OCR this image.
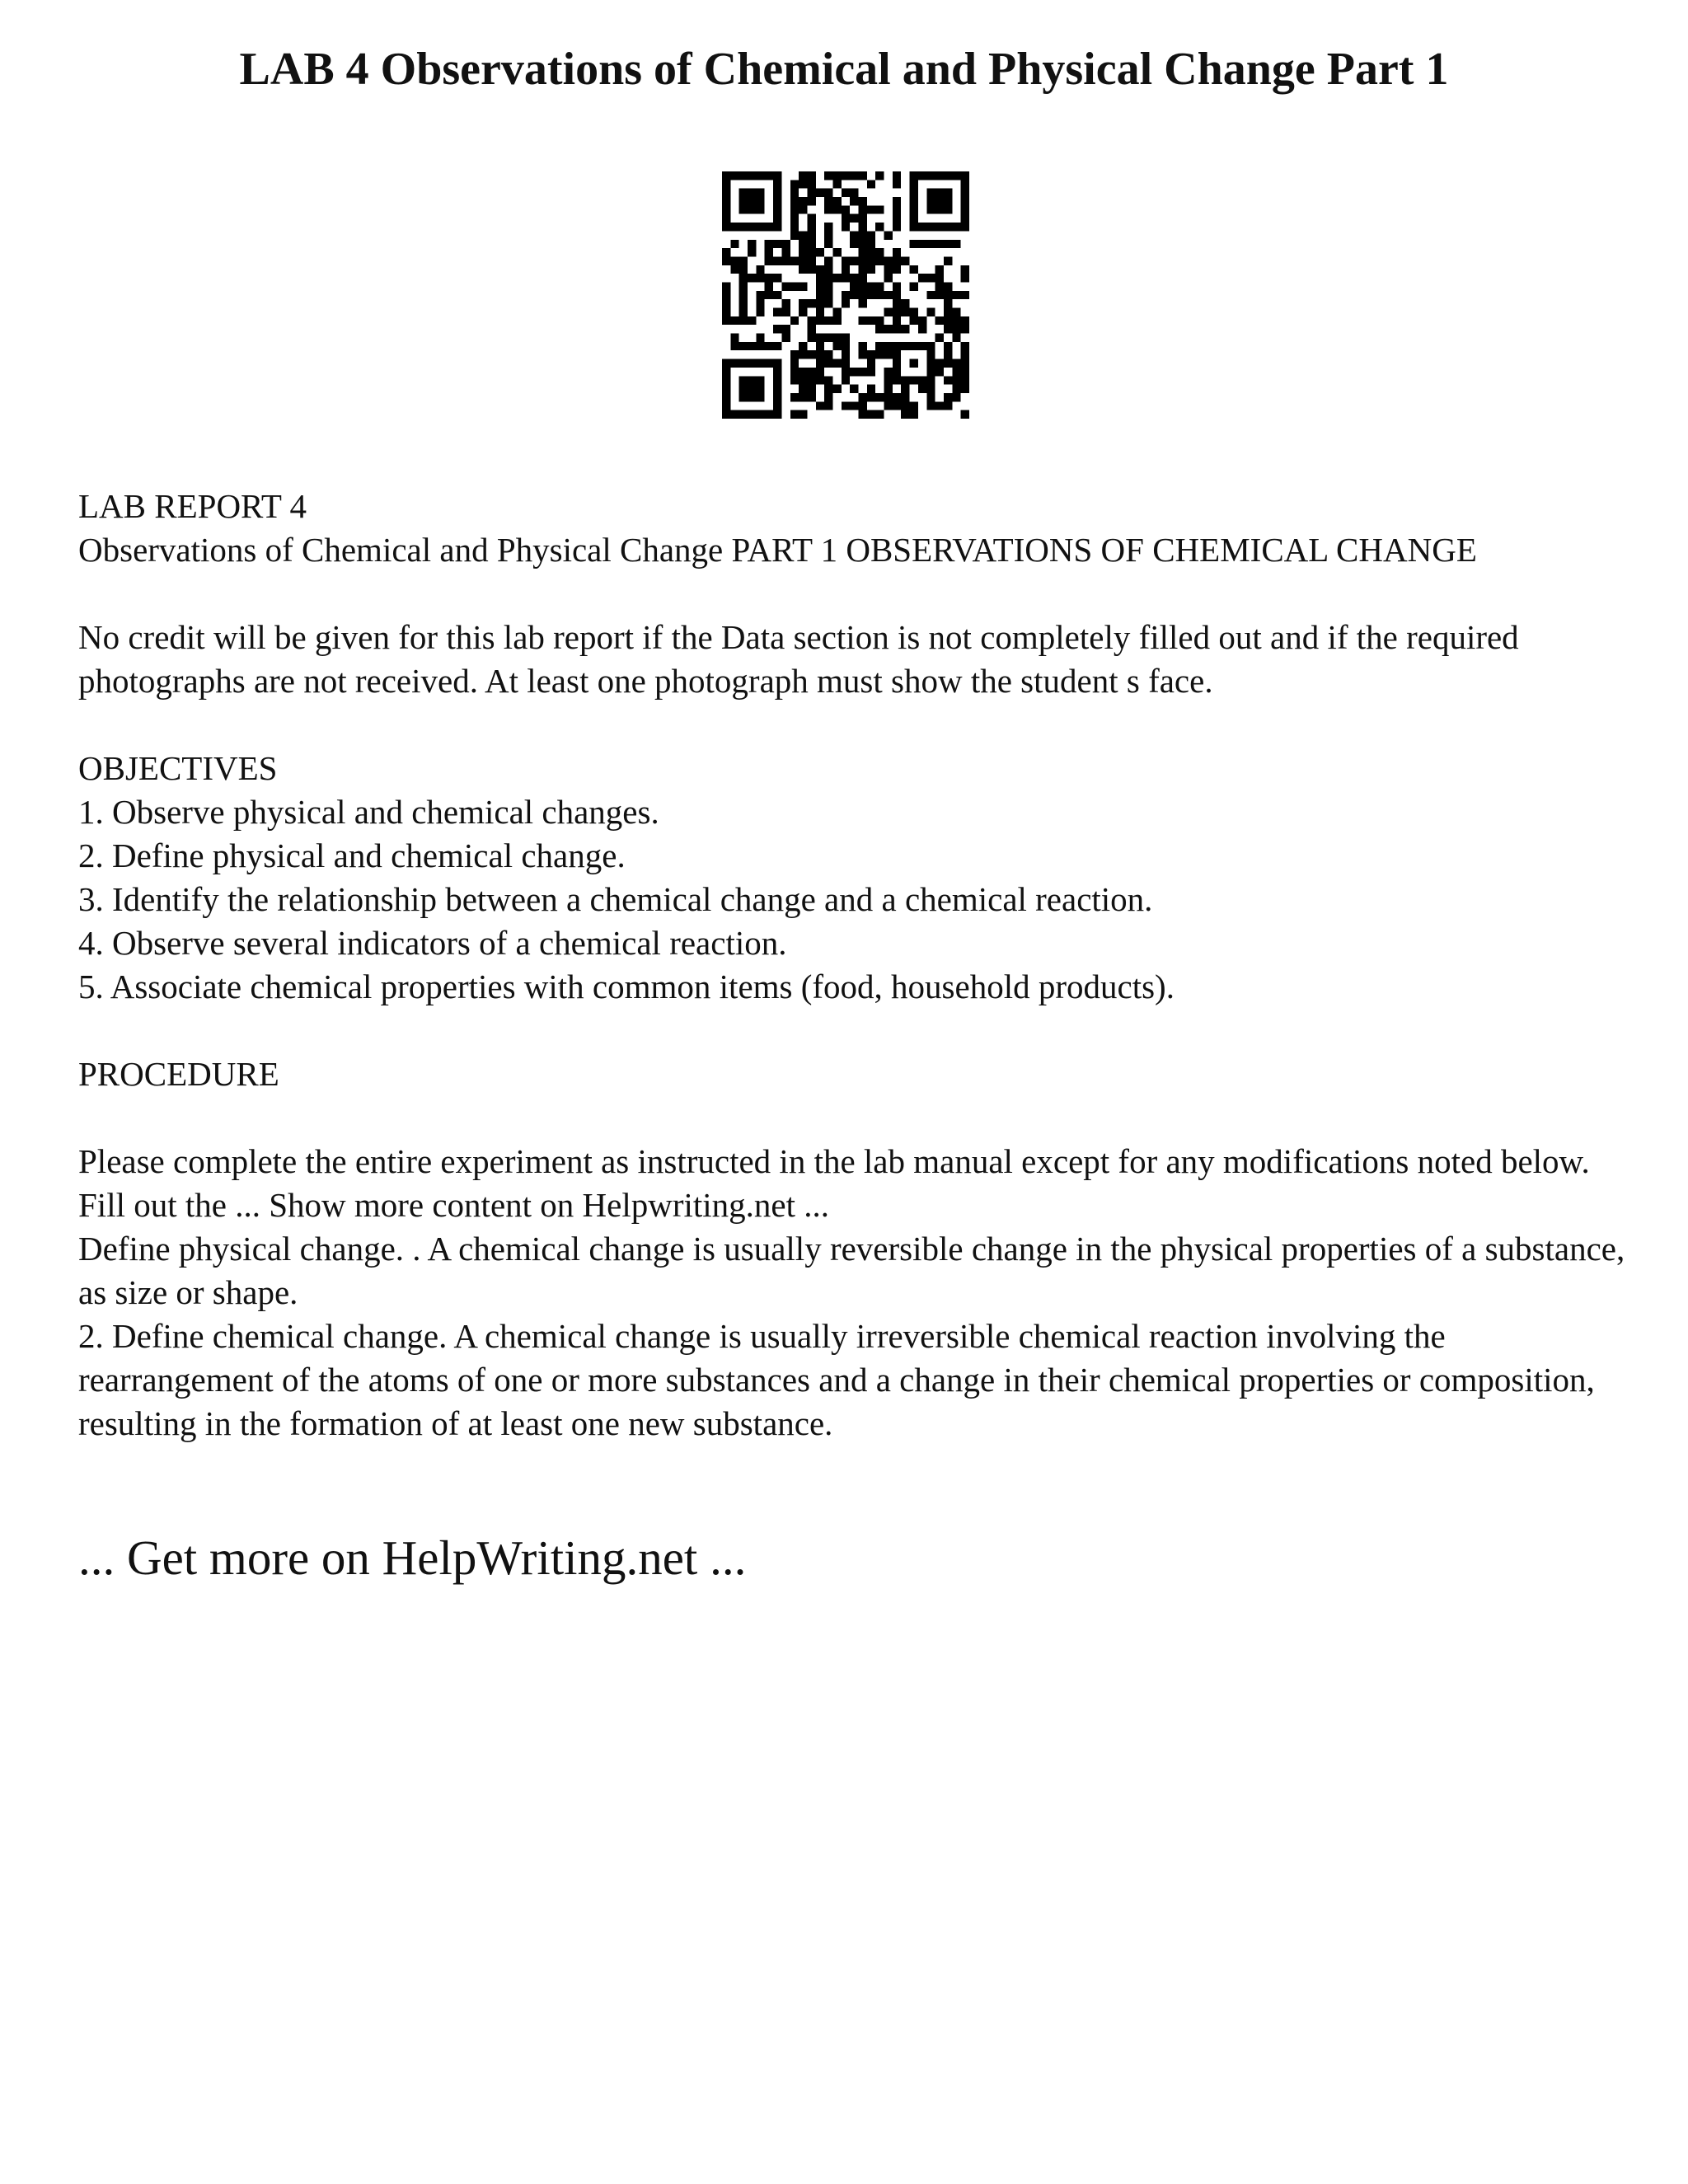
LAB 4 Observations of Chemical and Physical Change Part 1

LAB REPORT 4

Observations of Chemical and Physical Change PART 1 OBSERVATIONS OF CHEMICAL CHANGE

No credit will be given for this lab report if the Data section is not completely filled out and if the required photographs are not received. At least one photograph must show the student s face.

OBJECTIVES

1. Observe physical and chemical changes.

2. Define physical and chemical change.

3. Identify the relationship between a chemical change and a chemical reaction.

4. Observe several indicators of a chemical reaction.

5. Associate chemical properties with common items (food, household products).

PROCEDURE

Please complete the entire experiment as instructed in the lab manual except for any modifications noted below. Fill out the ... Show more content on Helpwriting.net ...

Define physical change. . A chemical change is usually reversible change in the physical properties of a substance, as size or shape.

2. Define chemical change. A chemical change is usually irreversible chemical reaction involving the rearrangement of the atoms of one or more substances and a change in their chemical properties or composition, resulting in the formation of at least one new substance.

... Get more on HelpWriting.net ...
